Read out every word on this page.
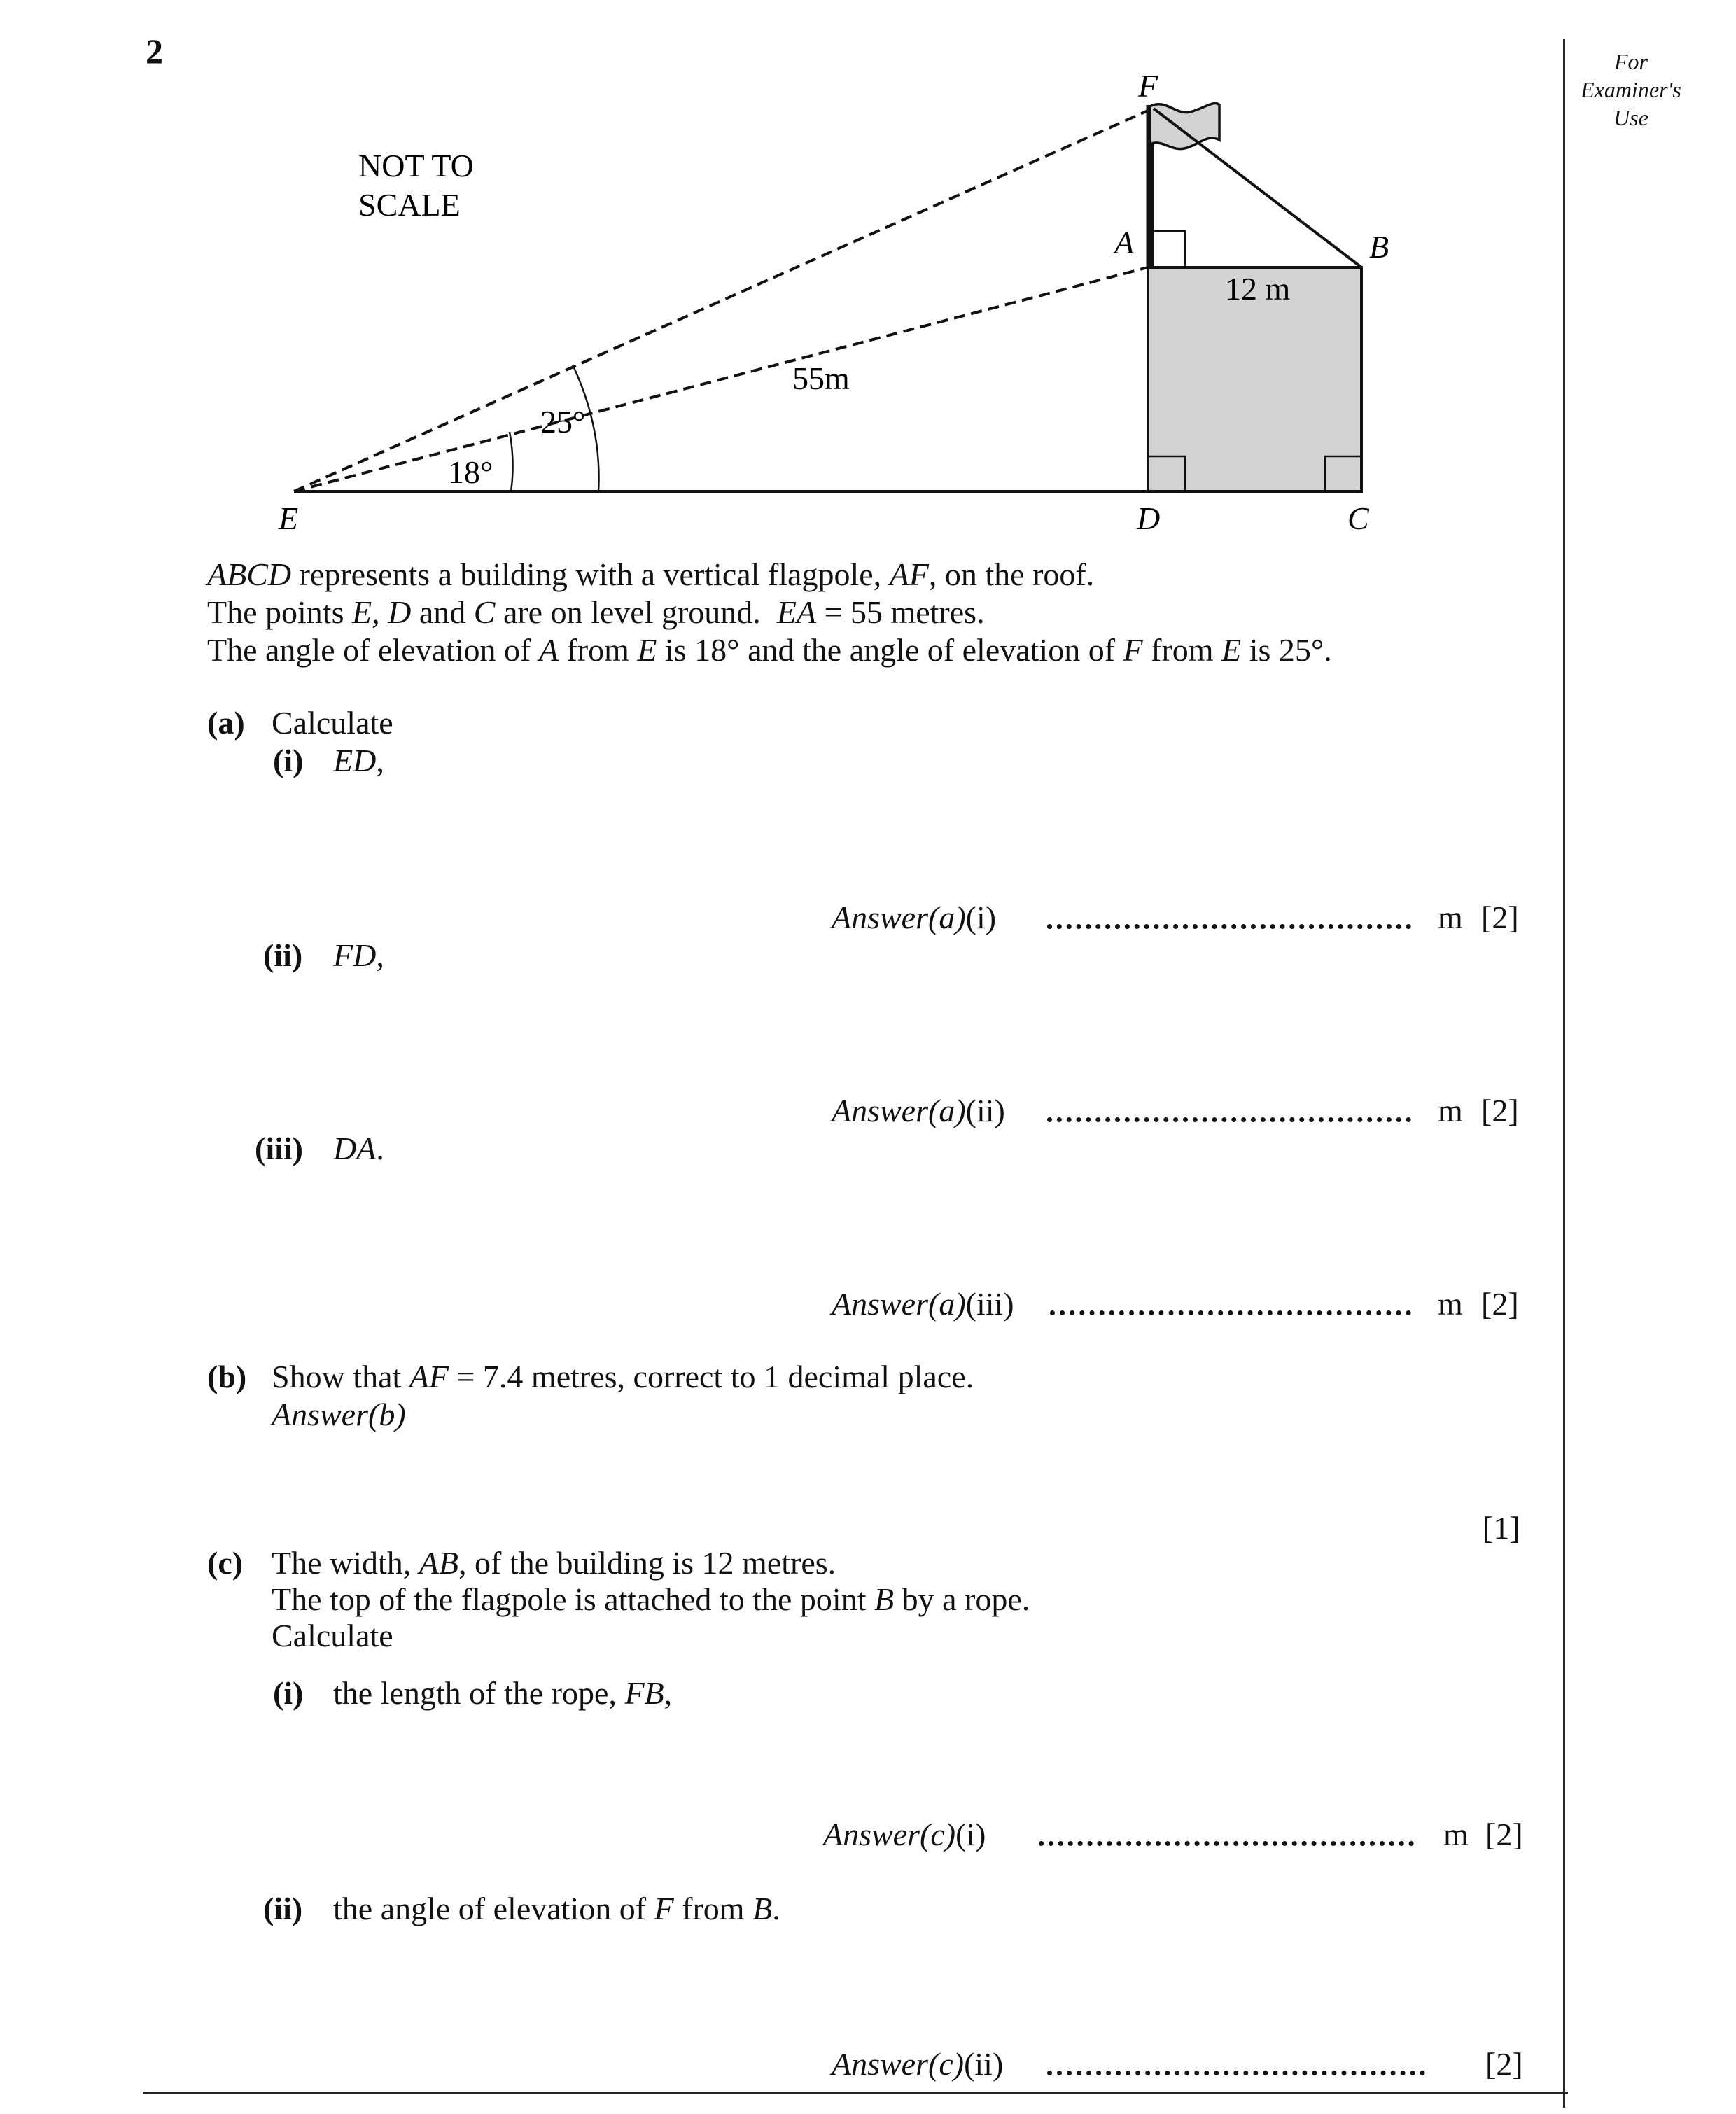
2	For
Examiner's
Use
E	D	C
A	B
F
18°
25°
55m
12 m
NOT TO
SCALE
ABCD represents a building with a vertical flagpole, AF, on the roof.
The points E, D and C are on level ground.  EA = 55 metres.
The angle of elevation of A from E is 18° and the angle of elevation of F from E is 25°.
(a) Calculate
(i) ED,
Answer(a)(i)	m [2]
(ii) FD,
Answer(a)(ii)	m [2]
(iii) DA.
Answer(a)(iii)	m [2]
(b) Show that AF = 7.4 metres, correct to 1 decimal place.
Answer(b)
[1]
(c) The width, AB, of the building is 12 metres.
The top of the flagpole is attached to the point B by a rope.
Calculate
(i) the length of the rope, FB,
Answer(c)(i)	m [2]
(ii) the angle of elevation of F from B.
Answer(c)(ii)	[2]
